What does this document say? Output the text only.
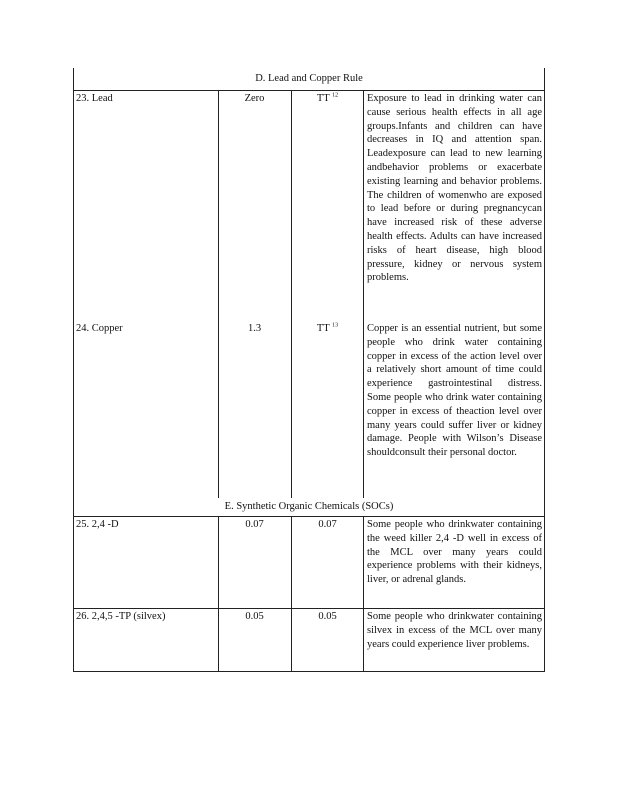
D. Lead and Copper Rule
23. Lead	Zero	TT $^{12}$	Exposure to lead in drinking water can cause serious health effects in all age groups.Infants and children can have decreases in IQ and attention span. Leadexposure can lead to new learning andbehavior problems or exacerbate existing learning and behavior problems. The children of womenwho are exposed to lead before or during pregnancycan have increased risk of these adverse health effects. Adults can have increased risks of heart disease, high blood pressure, kidney or nervous system problems.
24. Copper	1.3	TT $^{13}$	Copper is an essential nutrient, but some people who drink water containing copper in excess of the action level over a relatively short amount of time could experience gastrointestinal distress. Some people who drink water containing copper in excess of theaction level over many years could suffer liver or kidney damage. People with Wilson’s Disease shouldconsult their personal doctor.
E. Synthetic Organic Chemicals (SOCs)
25. 2,4 -D	0.07	0.07	Some people who drinkwater containing the weed killer 2,4 -D well in excess of the MCL over many years could experience problems with their kidneys, liver, or adrenal glands.
26. 2,4,5 -TP (silvex)	0.05	0.05	Some people who drinkwater containing silvex in excess of the MCL over many years could experience liver problems.
